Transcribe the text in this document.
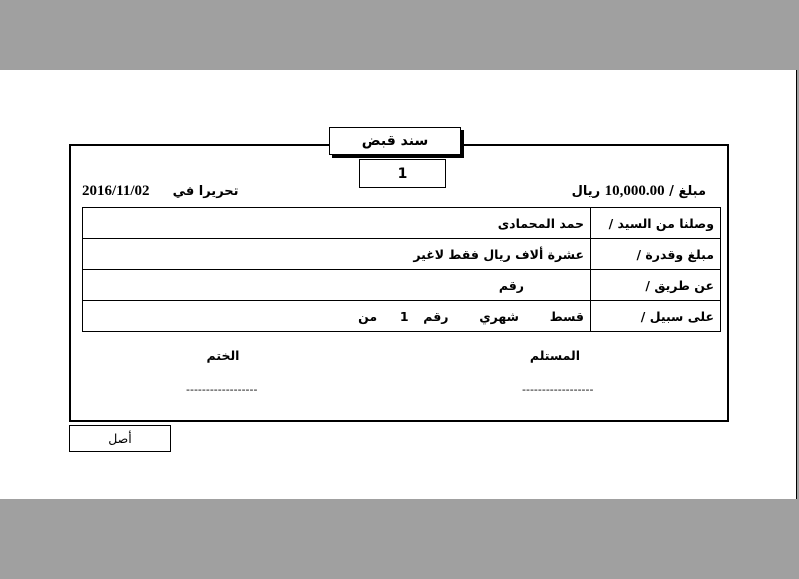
سند قبض
1
مبلغ / 10,000.00 ريال
2016/11/02 تحريرا في
وصلنا من السيد /	حمد المحمادى
مبلغ وقدرة /	عشرة ألاف ريال فقط لاغير
عن طريق /	رقم
على سبيل /	قسط  شهري  رقم  1  من
المستلم
------------------
الختم
------------------
أصل
